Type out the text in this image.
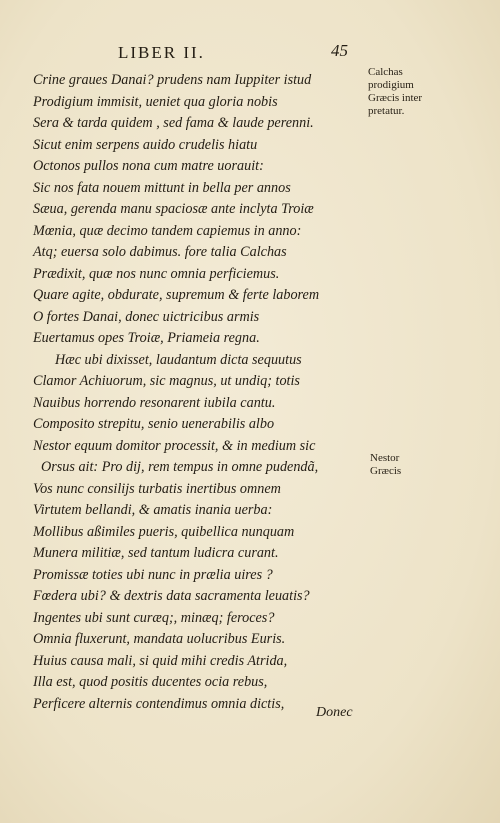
LIBER II.	45
Calchas
prodigium
Græcis inter
pretatur.
Nestor
Græcis
Crine graues Danai? prudens nam Iuppiter istud
Prodigium immisit, ueniet qua gloria nobis
Sera & tarda quidem , sed fama & laude perenni.
Sicut enim serpens auido crudelis hiatu
Octonos pullos nona cum matre uorauit:
Sic nos fata nouem mittunt in bella per annos
Sæua, gerenda manu spaciosæ ante inclyta Troiæ
Mœnia, quæ decimo tandem capiemus in anno:
Atq; euersa solo dabimus. fore talia Calchas
Prædixit, quæ nos nunc omnia perficiemus.
Quare agite, obdurate, supremum & ferte laborem
O fortes Danai, donec uictricibus armis
Euertamus opes Troiæ, Priameia regna.
Hæc ubi dixisset, laudantum dicta sequutus
Clamor Achiuorum, sic magnus, ut undiq; totis
Nauibus horrendo resonarent iubila cantu.
Composito strepitu, senio uenerabilis albo
Nestor equum domitor processit, & in medium sic
Orsus ait: Pro dij, rem tempus in omne pudendã,
Vos nunc consilijs turbatis inertibus omnem
Virtutem bellandi, & amatis inania uerba:
Mollibus aßimiles pueris, quibellica nunquam
Munera militiæ, sed tantum ludicra curant.
Promissæ toties ubi nunc in prælia uires ?
Fœdera ubi? & dextris data sacramenta leuatis?
Ingentes ubi sunt curæq;, minæq; feroces?
Omnia fluxerunt, mandata uolucribus Euris.
Huius causa mali, si quid mihi credis Atrida,
Illa est, quod positis ducentes ocia rebus,
Perficere alternis contendimus omnia dictis,
Donec
